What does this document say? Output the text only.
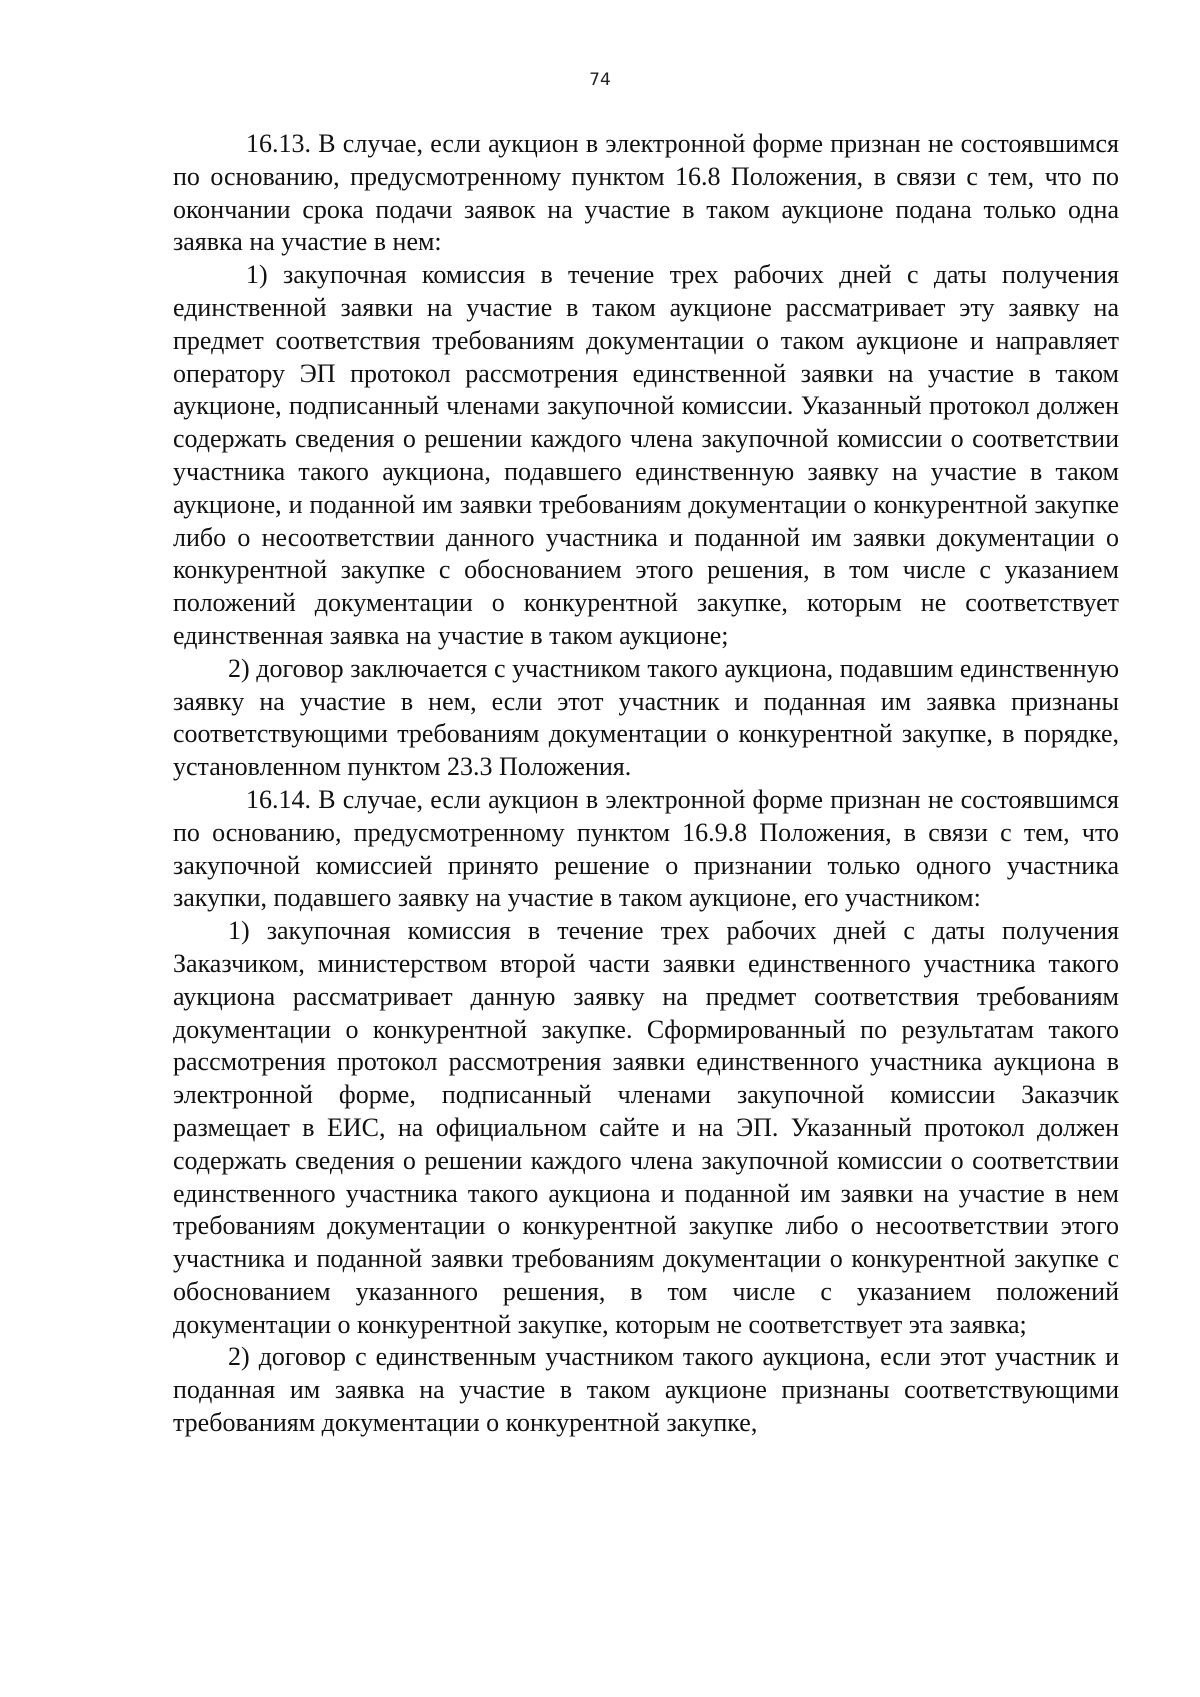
74

16.13. В случае, если аукцион в электронной форме признан не состоявшимся по основанию, предусмотренному пунктом 16.8 Положения, в связи с тем, что по окончании срока подачи заявок на участие в таком аукционе подана только одна заявка на участие в нем:

1) закупочная комиссия в течение трех рабочих дней с даты получения единственной заявки на участие в таком аукционе рассматривает эту заявку на предмет соответствия требованиям документации о таком аукционе и направляет оператору ЭП протокол рассмотрения единственной заявки на участие в таком аукционе, подписанный членами закупочной комиссии. Указанный протокол должен содержать сведения о решении каждого члена закупочной комиссии о соответствии участника такого аукциона, подавшего единственную заявку на участие в таком аукционе, и поданной им заявки требованиям документации о конкурентной закупке либо о несоответствии данного участника и поданной им заявки документации о конкурентной закупке с обоснованием этого решения, в том числе с указанием положений документации о конкурентной закупке, которым не соответствует единственная заявка на участие в таком аукционе;

2) договор заключается с участником такого аукциона, подавшим единственную заявку на участие в нем, если этот участник и поданная им заявка признаны соответствующими требованиям документации о конкурентной закупке, в порядке, установленном пунктом 23.3 Положения.

16.14. В случае, если аукцион в электронной форме признан не состоявшимся по основанию, предусмотренному пунктом 16.9.8 Положения, в связи с тем, что закупочной комиссией принято решение о признании только одного участника закупки, подавшего заявку на участие в таком аукционе, его участником:

1) закупочная комиссия в течение трех рабочих дней с даты получения Заказчиком, министерством второй части заявки единственного участника такого аукциона рассматривает данную заявку на предмет соответствия требованиям документации о конкурентной закупке. Сформированный по результатам такого рассмотрения протокол рассмотрения заявки единственного участника аукциона в электронной форме, подписанный членами закупочной комиссии Заказчик размещает в ЕИС, на официальном сайте и на ЭП. Указанный протокол должен содержать сведения о решении каждого члена закупочной комиссии о соответствии единственного участника такого аукциона и поданной им заявки на участие в нем требованиям документации о конкурентной закупке либо о несоответствии этого участника и поданной заявки требованиям документации о конкурентной закупке с обоснованием указанного решения, в том числе с указанием положений документации о конкурентной закупке, которым не соответствует эта заявка;

2) договор с единственным участником такого аукциона, если этот участник и поданная им заявка на участие в таком аукционе признаны соответствующими требованиям документации о конкурентной закупке,
